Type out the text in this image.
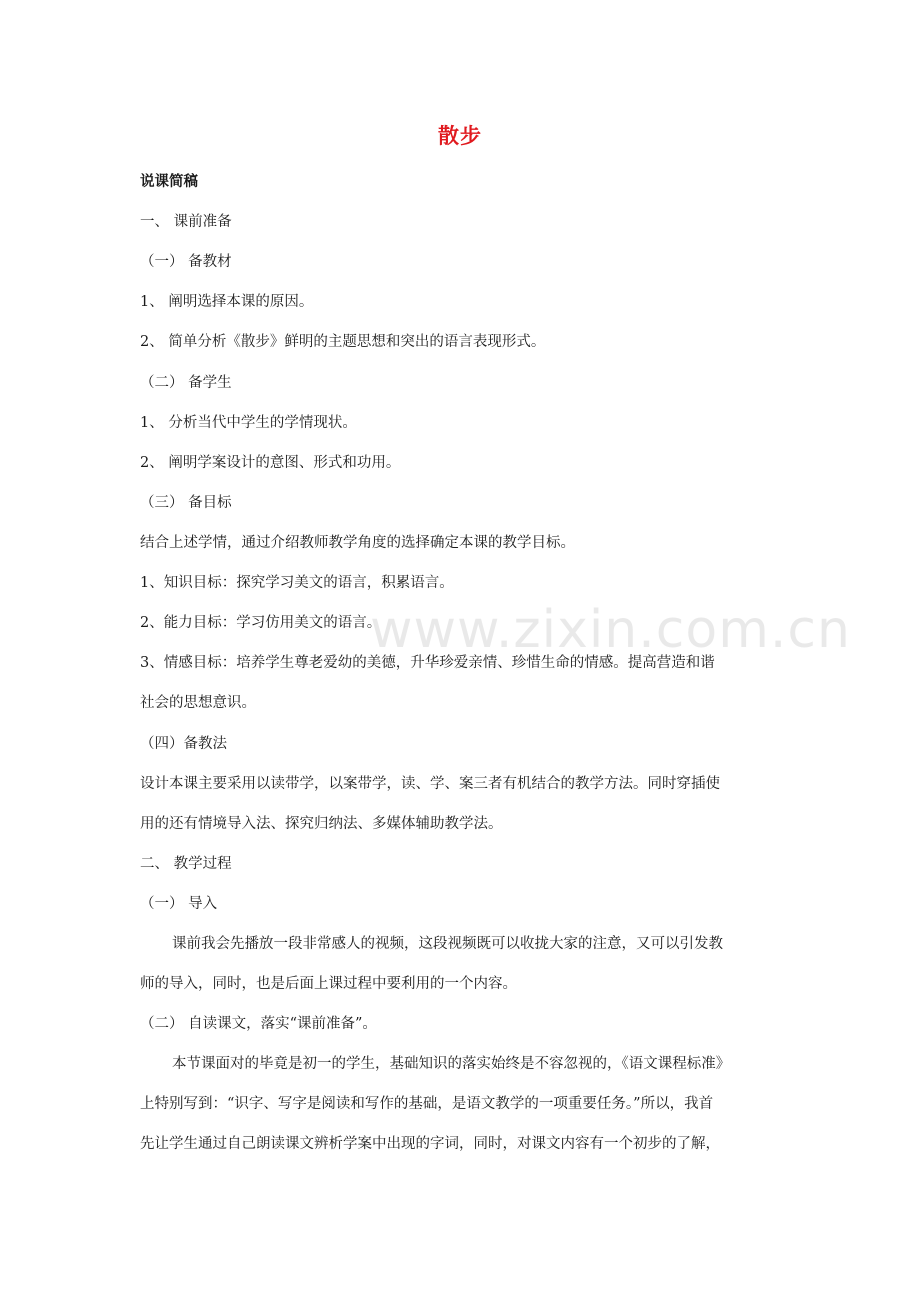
www.zixin.com.cn
散步
说课简稿
一、 课前准备
（一） 备教材
1、 阐明选择本课的原因。
2、 简单分析《散步》鲜明的主题思想和突出的语言表现形式。
（二） 备学生
1、 分析当代中学生的学情现状。
2、 阐明学案设计的意图、形式和功用。
（三） 备目标
结合上述学情，通过介绍教师教学角度的选择确定本课的教学目标。
1、知识目标：探究学习美文的语言，积累语言。
2、能力目标：学习仿用美文的语言。
3、情感目标：培养学生尊老爱幼的美德，升华珍爱亲情、珍惜生命的情感。提高营造和谐
社会的思想意识。
（四）备教法
设计本课主要采用以读带学，以案带学，读、学、案三者有机结合的教学方法。同时穿插使
用的还有情境导入法、探究归纳法、多媒体辅助教学法。
二、 教学过程
（一） 导入
课前我会先播放一段非常感人的视频，这段视频既可以收拢大家的注意，又可以引发教
师的导入，同时，也是后面上课过程中要利用的一个内容。
（二） 自读课文，落实“课前准备”。
本节课面对的毕竟是初一的学生，基础知识的落实始终是不容忽视的，《语文课程标准》
上特别写到：“识字、写字是阅读和写作的基础，是语文教学的一项重要任务。”所以，我首
先让学生通过自己朗读课文辨析学案中出现的字词，同时，对课文内容有一个初步的了解，
